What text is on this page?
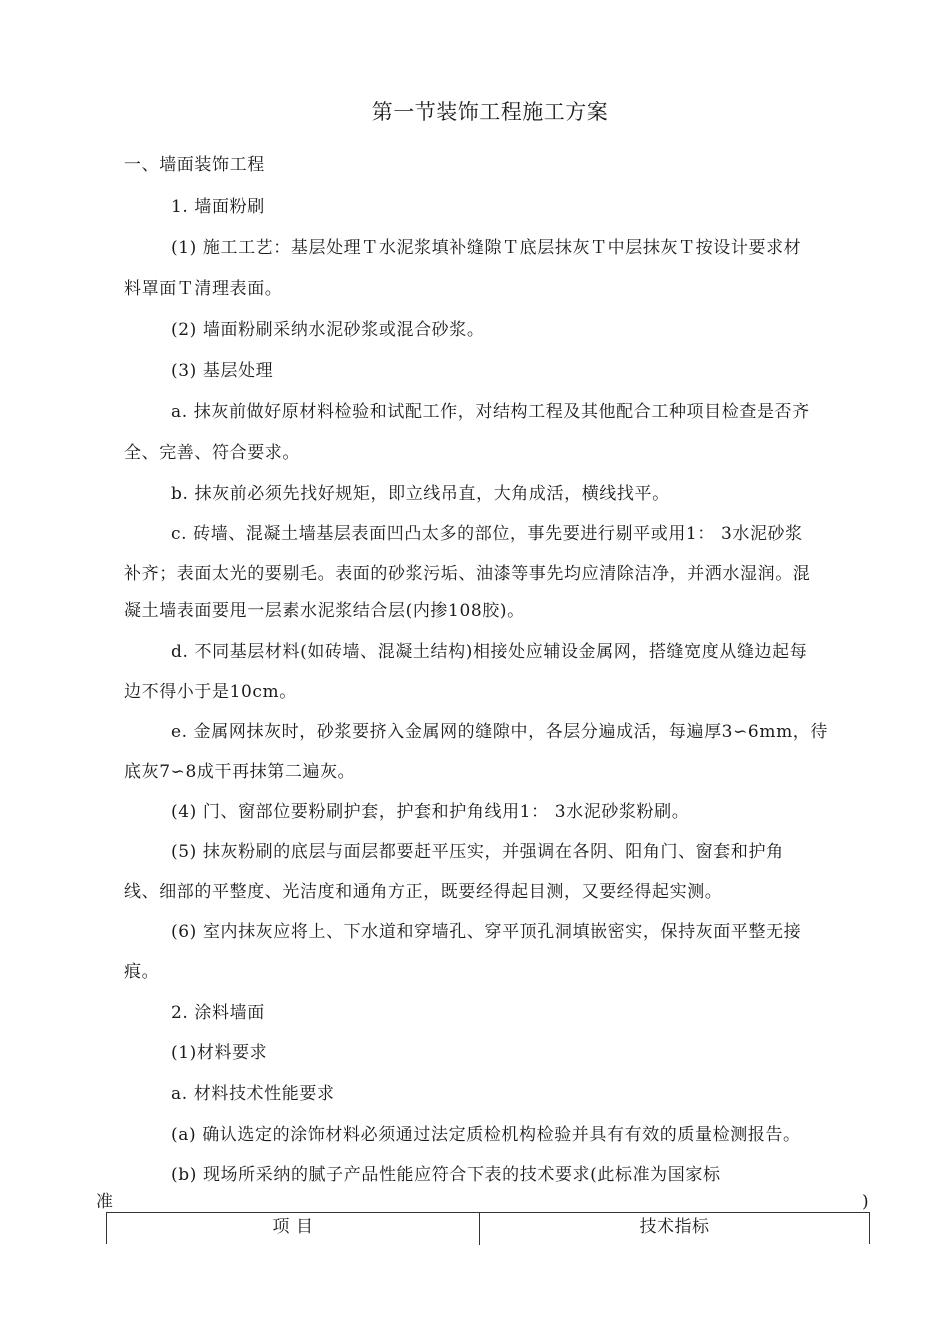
第一节装饰工程施工方案
一、墙面装饰工程
1. 墙面粉刷
(1) 施工工艺：基层处理Ｔ水泥浆填补缝隙Ｔ底层抹灰Ｔ中层抹灰Ｔ按设计要求材
料罩面Ｔ清理表面。
(2) 墙面粉刷采纳水泥砂浆或混合砂浆。
(3) 基层处理
a. 抹灰前做好原材料检验和试配工作，对结构工程及其他配合工种项目检查是否齐
全、完善、符合要求。
b. 抹灰前必须先找好规矩，即立线吊直，大角成活，横线找平。
c. 砖墙、混凝土墙基层表面凹凸太多的部位，事先要进行剔平或用1： 3水泥砂浆
补齐；表面太光的要剔毛。表面的砂浆污垢、油漆等事先均应清除洁净，并洒水湿润。混
凝土墙表面要甩一层素水泥浆结合层(内掺108胶)。
d. 不同基层材料(如砖墙、混凝土结构)相接处应辅设金属网，搭缝宽度从缝边起每
边不得小于是10cm。
e. 金属网抹灰时，砂浆要挤入金属网的缝隙中，各层分遍成活，每遍厚3∽6mm，待
底灰7∽8成干再抹第二遍灰。
(4) 门、窗部位要粉刷护套，护套和护角线用1： 3水泥砂浆粉刷。
(5) 抹灰粉刷的底层与面层都要赶平压实，并强调在各阴、阳角门、窗套和护角
线、细部的平整度、光洁度和通角方正，既要经得起目测，又要经得起实测。
(6) 室内抹灰应将上、下水道和穿墙孔、穿平顶孔洞填嵌密实，保持灰面平整无接
痕。
2. 涂料墙面
(1)材料要求
a. 材料技术性能要求
(a) 确认选定的涂饰材料必须通过法定质检机构检验并具有有效的质量检测报告。
(b) 现场所采纳的腻子产品性能应符合下表的技术要求(此标准为国家标
准	)
项 目	技术指标
